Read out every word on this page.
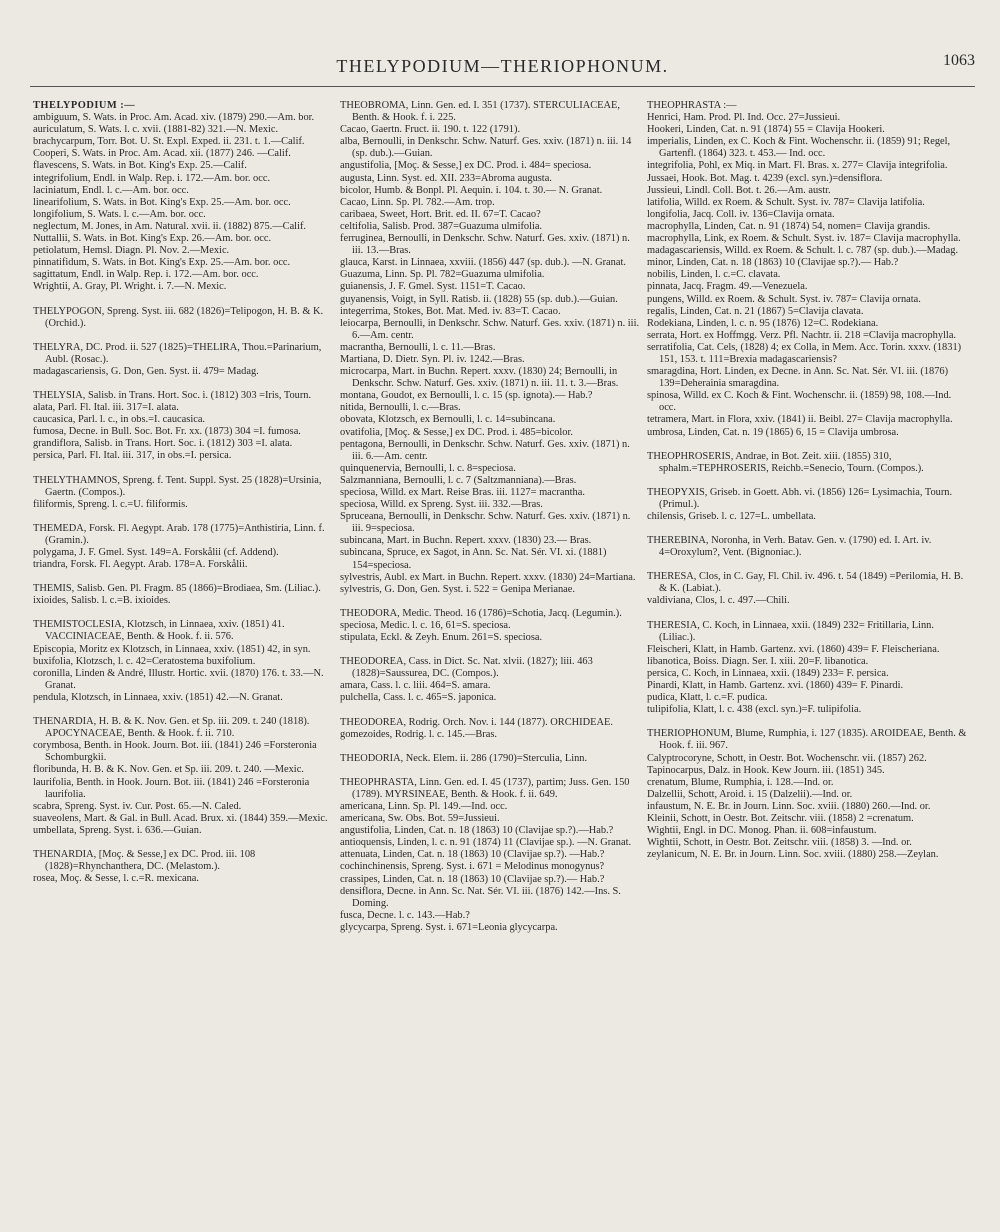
THELYPODIUM—THERIOPHONUM.	1063

THELYPODIUM :—

ambiguum, S. Wats. in Proc. Am. Acad. xiv. (1879) 290.—Am. bor.

auriculatum, S. Wats. l. c. xvii. (1881-82) 321.—N. Mexic.

brachycarpum, Torr. Bot. U. St. Expl. Exped. ii. 231. t. 1.—Calif.

Cooperi, S. Wats. in Proc. Am. Acad. xii. (1877) 246. —Calif.

flavescens, S. Wats. in Bot. King's Exp. 25.—Calif.

integrifolium, Endl. in Walp. Rep. i. 172.—Am. bor. occ.

laciniatum, Endl. l. c.—Am. bor. occ.

linearifolium, S. Wats. in Bot. King's Exp. 25.—Am. bor. occ.

longifolium, S. Wats. l. c.—Am. bor. occ.

neglectum, M. Jones, in Am. Natural. xvii. ii. (1882) 875.—Calif.

Nuttallii, S. Wats. in Bot. King's Exp. 26.—Am. bor. occ.

petiolatum, Hemsl. Diagn. Pl. Nov. 2.—Mexic.

pinnatifidum, S. Wats. in Bot. King's Exp. 25.—Am. bor. occ.

sagittatum, Endl. in Walp. Rep. i. 172.—Am. bor. occ.

Wrightii, A. Gray, Pl. Wright. i. 7.—N. Mexic.

THELYPOGON, Spreng. Syst. iii. 682 (1826)=Telipogon, H. B. & K. (Orchid.).

THELYRA, DC. Prod. ii. 527 (1825)=THELIRA, Thou.=Parinarium, Aubl. (Rosac.).

madagascariensis, G. Don, Gen. Syst. ii. 479= Madag.

THELYSIA, Salisb. in Trans. Hort. Soc. i. (1812) 303 =Iris, Tourn.

alata, Parl. Fl. Ital. iii. 317=I. alata.

caucasica, Parl. l. c., in obs.=I. caucasica.

fumosa, Decne. in Bull. Soc. Bot. Fr. xx. (1873) 304 =I. fumosa.

grandiflora, Salisb. in Trans. Hort. Soc. i. (1812) 303 =I. alata.

persica, Parl. Fl. Ital. iii. 317, in obs.=I. persica.

THELYTHAMNOS, Spreng. f. Tent. Suppl. Syst. 25 (1828)=Ursinia, Gaertn. (Compos.).

filiformis, Spreng. l. c.=U. filiformis.

THEMEDA, Forsk. Fl. Aegypt. Arab. 178 (1775)=Anthistiria, Linn. f. (Gramin.).

polygama, J. F. Gmel. Syst. 149=A. Forskålii (cf. Addend).

triandra, Forsk. Fl. Aegypt. Arab. 178=A. Forskålii.

THEMIS, Salisb. Gen. Pl. Fragm. 85 (1866)=Brodiaea, Sm. (Liliac.).

ixioides, Salisb. l. c.=B. ixioides.

THEMISTOCLESIA, Klotzsch, in Linnaea, xxiv. (1851) 41. VACCINIACEAE, Benth. & Hook. f. ii. 576.

Episcopia, Moritz ex Klotzsch, in Linnaea, xxiv. (1851) 42, in syn.

buxifolia, Klotzsch, l. c. 42=Ceratostema buxifolium.

coronilla, Linden & André, Illustr. Hortic. xvii. (1870) 176. t. 33.—N. Granat.

pendula, Klotzsch, in Linnaea, xxiv. (1851) 42.—N. Granat.

THENARDIA, H. B. & K. Nov. Gen. et Sp. iii. 209. t. 240 (1818). APOCYNACEAE, Benth. & Hook. f. ii. 710.

corymbosa, Benth. in Hook. Journ. Bot. iii. (1841) 246 =Forsteronia Schomburgkii.

floribunda, H. B. & K. Nov. Gen. et Sp. iii. 209. t. 240. —Mexic.

laurifolia, Benth. in Hook. Journ. Bot. iii. (1841) 246 =Forsteronia laurifolia.

scabra, Spreng. Syst. iv. Cur. Post. 65.—N. Caled.

suaveolens, Mart. & Gal. in Bull. Acad. Brux. xi. (1844) 359.—Mexic.

umbellata, Spreng. Syst. i. 636.—Guian.

THENARDIA, [Moç. & Sesse,] ex DC. Prod. iii. 108 (1828)=Rhynchanthera, DC. (Melastom.).

rosea, Moç. & Sesse, l. c.=R. mexicana.

THEOBROMA, Linn. Gen. ed. I. 351 (1737). STERCULIACEAE, Benth. & Hook. f. i. 225.

Cacao, Gaertn. Fruct. ii. 190. t. 122 (1791).

alba, Bernoulli, in Denkschr. Schw. Naturf. Ges. xxiv. (1871) n. iii. 14 (sp. dub.).—Guian.

angustifolia, [Moç. & Sesse,] ex DC. Prod. i. 484= speciosa.

augusta, Linn. Syst. ed. XII. 233=Abroma augusta.

bicolor, Humb. & Bonpl. Pl. Aequin. i. 104. t. 30.— N. Granat.

Cacao, Linn. Sp. Pl. 782.—Am. trop.

caribaea, Sweet, Hort. Brit. ed. II. 67=T. Cacao?

celtifolia, Salisb. Prod. 387=Guazuma ulmifolia.

ferruginea, Bernoulli, in Denkschr. Schw. Naturf. Ges. xxiv. (1871) n. iii. 13.—Bras.

glauca, Karst. in Linnaea, xxviii. (1856) 447 (sp. dub.). —N. Granat.

Guazuma, Linn. Sp. Pl. 782=Guazuma ulmifolia.

guianensis, J. F. Gmel. Syst. 1151=T. Cacao.

guyanensis, Voigt, in Syll. Ratisb. ii. (1828) 55 (sp. dub.).—Guian.

integerrima, Stokes, Bot. Mat. Med. iv. 83=T. Cacao.

leiocarpa, Bernoulli, in Denkschr. Schw. Naturf. Ges. xxiv. (1871) n. iii. 6.—Am. centr.

macrantha, Bernoulli, l. c. 11.—Bras.

Martiana, D. Dietr. Syn. Pl. iv. 1242.—Bras.

microcarpa, Mart. in Buchn. Repert. xxxv. (1830) 24; Bernoulli, in Denkschr. Schw. Naturf. Ges. xxiv. (1871) n. iii. 11. t. 3.—Bras.

montana, Goudot, ex Bernoulli, l. c. 15 (sp. ignota).— Hab.?

nitida, Bernoulli, l. c.—Bras.

obovata, Klotzsch, ex Bernoulli, l. c. 14=subincana.

ovatifolia, [Moç. & Sesse,] ex DC. Prod. i. 485=bicolor.

pentagona, Bernoulli, in Denkschr. Schw. Naturf. Ges. xxiv. (1871) n. iii. 6.—Am. centr.

quinquenervia, Bernoulli, l. c. 8=speciosa.

Salzmanniana, Bernoulli, l. c. 7 (Saltzmanniana).—Bras.

speciosa, Willd. ex Mart. Reise Bras. iii. 1127= macrantha.

speciosa, Willd. ex Spreng. Syst. iii. 332.—Bras.

Spruceana, Bernoulli, in Denkschr. Schw. Naturf. Ges. xxiv. (1871) n. iii. 9=speciosa.

subincana, Mart. in Buchn. Repert. xxxv. (1830) 23.— Bras.

subincana, Spruce, ex Sagot, in Ann. Sc. Nat. Sér. VI. xi. (1881) 154=speciosa.

sylvestris, Aubl. ex Mart. in Buchn. Repert. xxxv. (1830) 24=Martiana.

sylvestris, G. Don, Gen. Syst. i. 522 = Genipa Merianae.

THEODORA, Medic. Theod. 16 (1786)=Schotia, Jacq. (Legumin.).

speciosa, Medic. l. c. 16, 61=S. speciosa.

stipulata, Eckl. & Zeyh. Enum. 261=S. speciosa.

THEODOREA, Cass. in Dict. Sc. Nat. xlvii. (1827); liii. 463 (1828)=Saussurea, DC. (Compos.).

amara, Cass. l. c. liii. 464=S. amara.

pulchella, Cass. l. c. 465=S. japonica.

THEODOREA, Rodrig. Orch. Nov. i. 144 (1877). ORCHIDEAE.

gomezoides, Rodrig. l. c. 145.—Bras.

THEODORIA, Neck. Elem. ii. 286 (1790)=Sterculia, Linn.

THEOPHRASTA, Linn. Gen. ed. I. 45 (1737), partim; Juss. Gen. 150 (1789). MYRSINEAE, Benth. & Hook. f. ii. 649.

americana, Linn. Sp. Pl. 149.—Ind. occ.

americana, Sw. Obs. Bot. 59=Jussieui.

angustifolia, Linden, Cat. n. 18 (1863) 10 (Clavijae sp.?).—Hab.?

antioquensis, Linden, l. c. n. 91 (1874) 11 (Clavijae sp.). —N. Granat.

attenuata, Linden, Cat. n. 18 (1863) 10 (Clavijae sp.?). —Hab.?

cochinchinensis, Spreng. Syst. i. 671 = Melodinus monogynus?

crassipes, Linden, Cat. n. 18 (1863) 10 (Clavijae sp.?).— Hab.?

densiflora, Decne. in Ann. Sc. Nat. Sér. VI. iii. (1876) 142.—Ins. S. Doming.

fusca, Decne. l. c. 143.—Hab.?

glycycarpa, Spreng. Syst. i. 671=Leonia glycycarpa.

THEOPHRASTA :—

Henrici, Ham. Prod. Pl. Ind. Occ. 27=Jussieui.

Hookeri, Linden, Cat. n. 91 (1874) 55 = Clavija Hookeri.

imperialis, Linden, ex C. Koch & Fint. Wochenschr. ii. (1859) 91; Regel, Gartenfl. (1864) 323. t. 453.— Ind. occ.

integrifolia, Pohl, ex Miq. in Mart. Fl. Bras. x. 277= Clavija integrifolia.

Jussaei, Hook. Bot. Mag. t. 4239 (excl. syn.)=densiflora.

Jussieui, Lindl. Coll. Bot. t. 26.—Am. austr.

latifolia, Willd. ex Roem. & Schult. Syst. iv. 787= Clavija latifolia.

longifolia, Jacq. Coll. iv. 136=Clavija ornata.

macrophylla, Linden, Cat. n. 91 (1874) 54, nomen= Clavija grandis.

macrophylla, Link, ex Roem. & Schult. Syst. iv. 187= Clavija macrophylla.

madagascariensis, Willd. ex Roem. & Schult. l. c. 787 (sp. dub.).—Madag.

minor, Linden, Cat. n. 18 (1863) 10 (Clavijae sp.?).— Hab.?

nobilis, Linden, l. c.=C. clavata.

pinnata, Jacq. Fragm. 49.—Venezuela.

pungens, Willd. ex Roem. & Schult. Syst. iv. 787= Clavija ornata.

regalis, Linden, Cat. n. 21 (1867) 5=Clavija clavata.

Rodekiana, Linden, l. c. n. 95 (1876) 12=C. Rodekiana.

serrata, Hort. ex Hoffmgg. Verz. Pfl. Nachtr. ii. 218 =Clavija macrophylla.

serratifolia, Cat. Cels, (1828) 4; ex Colla, in Mem. Acc. Torin. xxxv. (1831) 151, 153. t. 111=Brexia madagascariensis?

smaragdina, Hort. Linden, ex Decne. in Ann. Sc. Nat. Sér. VI. iii. (1876) 139=Deherainia smaragdina.

spinosa, Willd. ex C. Koch & Fint. Wochenschr. ii. (1859) 98, 108.—Ind. occ.

tetramera, Mart. in Flora, xxiv. (1841) ii. Beibl. 27= Clavija macrophylla.

umbrosa, Linden, Cat. n. 19 (1865) 6, 15 = Clavija umbrosa.

THEOPHROSERIS, Andrae, in Bot. Zeit. xiii. (1855) 310, sphalm.=TEPHROSERIS, Reichb.=Senecio, Tourn. (Compos.).

THEOPYXIS, Griseb. in Goett. Abh. vi. (1856) 126= Lysimachia, Tourn. (Primul.).

chilensis, Griseb. l. c. 127=L. umbellata.

THEREBINA, Noronha, in Verh. Batav. Gen. v. (1790) ed. I. Art. iv. 4=Oroxylum?, Vent. (Bignoniac.).

THERESA, Clos, in C. Gay, Fl. Chil. iv. 496. t. 54 (1849) =Perilomia, H. B. & K. (Labiat.).

valdiviana, Clos, l. c. 497.—Chili.

THERESIA, C. Koch, in Linnaea, xxii. (1849) 232= Fritillaria, Linn. (Liliac.).

Fleischeri, Klatt, in Hamb. Gartenz. xvi. (1860) 439= F. Fleischeriana.

libanotica, Boiss. Diagn. Ser. I. xiii. 20=F. libanotica.

persica, C. Koch, in Linnaea, xxii. (1849) 233= F. persica.

Pinardi, Klatt, in Hamb. Gartenz. xvi. (1860) 439= F. Pinardi.

pudica, Klatt, l. c.=F. pudica.

tulipifolia, Klatt, l. c. 438 (excl. syn.)=F. tulipifolia.

THERIOPHONUM, Blume, Rumphia, i. 127 (1835). AROIDEAE, Benth. & Hook. f. iii. 967.

Calyptrocoryne, Schott, in Oestr. Bot. Wochenschr. vii. (1857) 262.

Tapinocarpus, Dalz. in Hook. Kew Journ. iii. (1851) 345.

crenatum, Blume, Rumphia, i. 128.—Ind. or.

Dalzellii, Schott, Aroid. i. 15 (Dalzelii).—Ind. or.

infaustum, N. E. Br. in Journ. Linn. Soc. xviii. (1880) 260.—Ind. or.

Kleinii, Schott, in Oestr. Bot. Zeitschr. viii. (1858) 2 =crenatum.

Wightii, Engl. in DC. Monog. Phan. ii. 608=infaustum.

Wightii, Schott, in Oestr. Bot. Zeitschr. viii. (1858) 3. —Ind. or.

zeylanicum, N. E. Br. in Journ. Linn. Soc. xviii. (1880) 258.—Zeylan.
